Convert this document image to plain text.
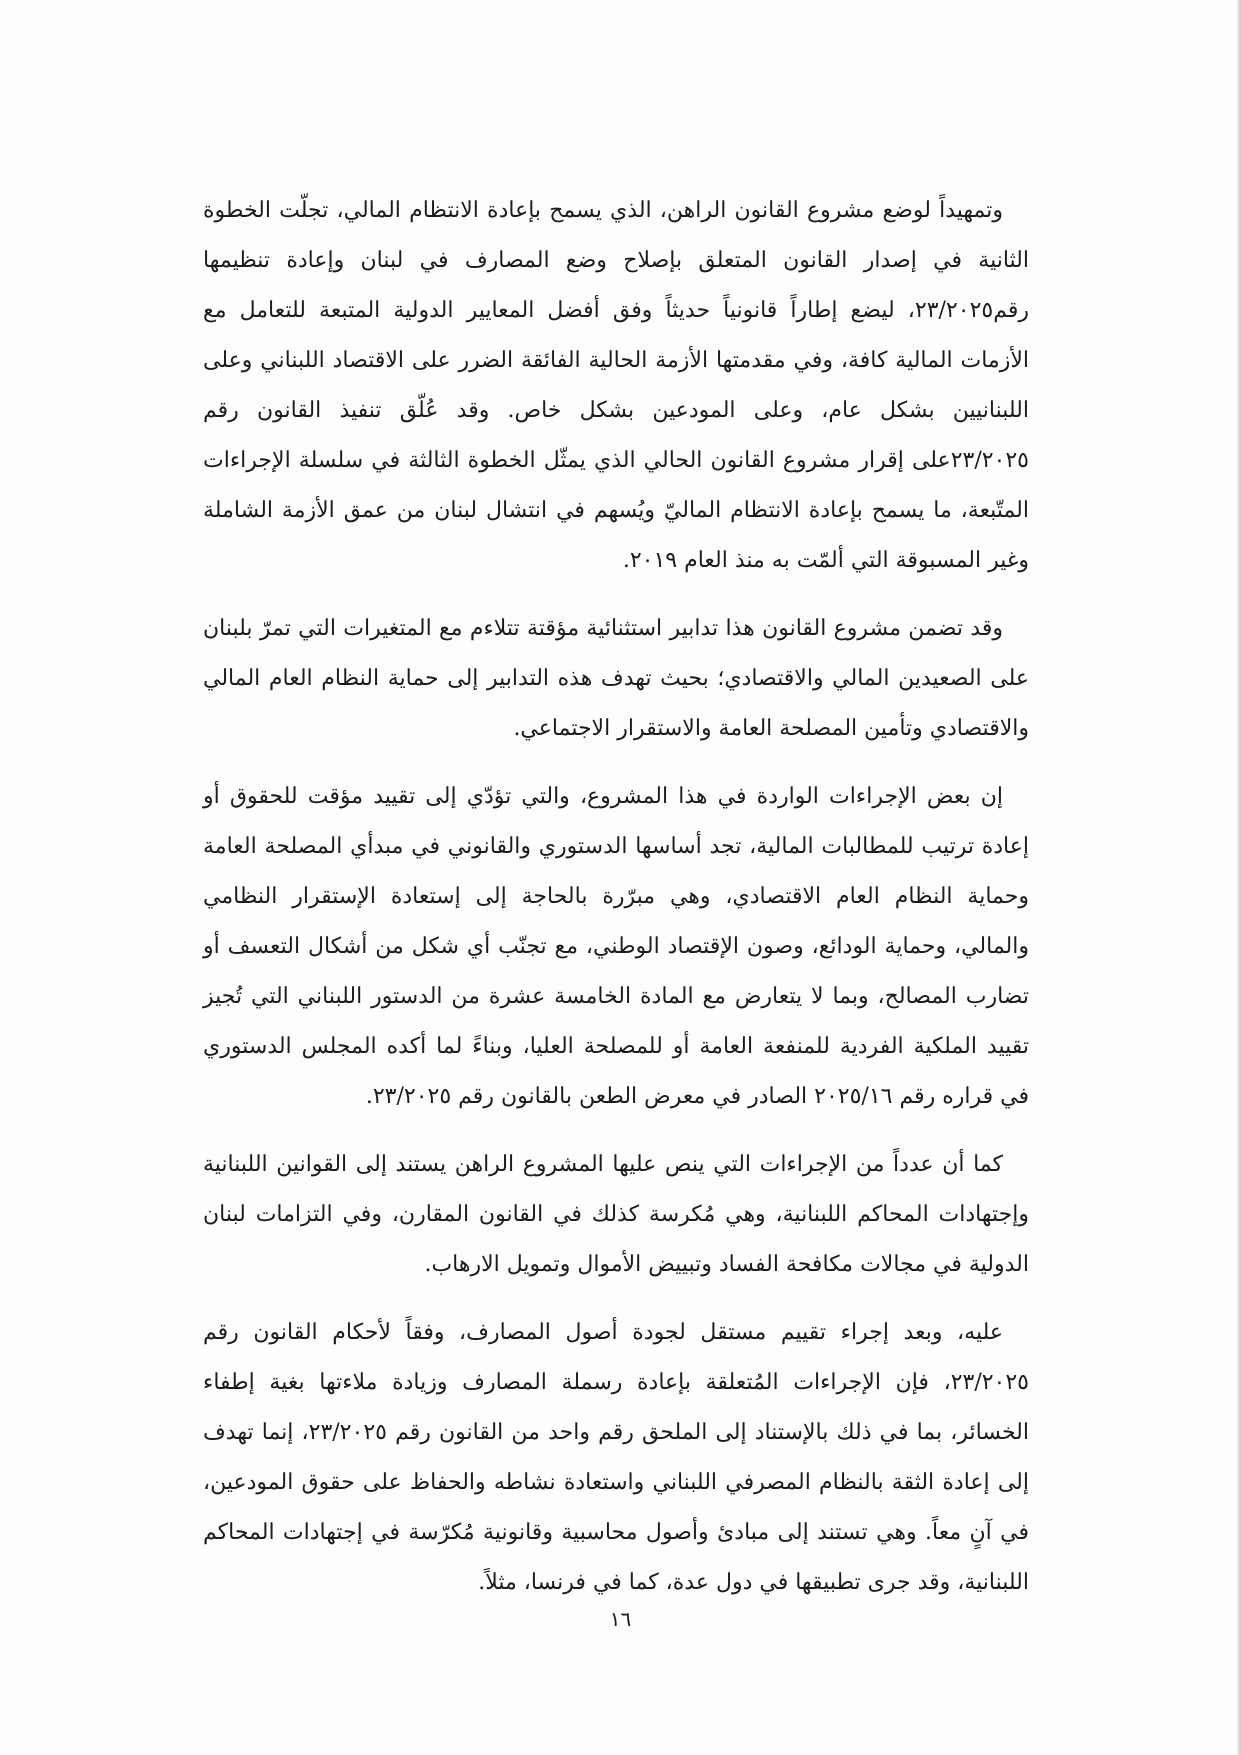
وتمهيداً لوضع مشروع القانون الراهن، الذي يسمح بإعادة الانتظام المالي، تجلّت الخطوة الثانية في إصدار القانون المتعلق بإصلاح وضع المصارف في لبنان وإعادة تنظيمها رقم٢٣/٢٠٢٥، ليضع إطاراً قانونياً حديثاً وفق أفضل المعايير الدولية المتبعة للتعامل مع الأزمات المالية كافة، وفي مقدمتها الأزمة الحالية الفائقة الضرر على الاقتصاد اللبناني وعلى اللبنانيين بشكل عام، وعلى المودعين بشكل خاص. وقد عُلّق تنفيذ القانون رقم ٢٣/٢٠٢٥على إقرار مشروع القانون الحالي الذي يمثّل الخطوة الثالثة في سلسلة الإجراءات المتّبعة، ما يسمح بإعادة الانتظام الماليّ ويُسهم في انتشال لبنان من عمق الأزمة الشاملة وغير المسبوقة التي ألمّت به منذ العام ٢٠١٩.

وقد تضمن مشروع القانون هذا تدابير استثنائية مؤقتة تتلاءم مع المتغيرات التي تمرّ بلبنان على الصعيدين المالي والاقتصادي؛ بحيث تهدف هذه التدابير إلى حماية النظام العام المالي والاقتصادي وتأمين المصلحة العامة والاستقرار الاجتماعي.

إن بعض الإجراءات الواردة في هذا المشروع، والتي تؤدّي إلى تقييد مؤقت للحقوق أو إعادة ترتيب للمطالبات المالية، تجد أساسها الدستوري والقانوني في مبدأي المصلحة العامة وحماية النظام العام الاقتصادي، وهي مبرّرة بالحاجة إلى إستعادة الإستقرار النظامي والمالي، وحماية الودائع، وصون الإقتصاد الوطني، مع تجنّب أي شكل من أشكال التعسف أو تضارب المصالح، وبما لا يتعارض مع المادة الخامسة عشرة من الدستور اللبناني التي تُجيز تقييد الملكية الفردية للمنفعة العامة أو للمصلحة العليا، وبناءً لما أكده المجلس الدستوري في قراره رقم ٢٠٢٥/١٦ الصادر في معرض الطعن بالقانون رقم ٢٣/٢٠٢٥.

كما أن عدداً من الإجراءات التي ينص عليها المشروع الراهن يستند إلى القوانين اللبنانية وإجتهادات المحاكم اللبنانية، وهي مُكرسة كذلك في القانون المقارن، وفي التزامات لبنان الدولية في مجالات مكافحة الفساد وتبييض الأموال وتمويل الارهاب.

عليه، وبعد إجراء تقييم مستقل لجودة أصول المصارف، وفقاً لأحكام القانون رقم ٢٣/٢٠٢٥، فإن الإجراءات المُتعلقة بإعادة رسملة المصارف وزيادة ملاءتها بغية إطفاء الخسائر، بما في ذلك بالإستناد إلى الملحق رقم واحد من القانون رقم ٢٣/٢٠٢٥، إنما تهدف إلى إعادة الثقة بالنظام المصرفي اللبناني واستعادة نشاطه والحفاظ على حقوق المودعين، في آنٍ معاً. وهي تستند إلى مبادئ وأصول محاسبية وقانونية مُكرّسة في إجتهادات المحاكم اللبنانية، وقد جرى تطبيقها في دول عدة، كما في فرنسا، مثلاً.

١٦
